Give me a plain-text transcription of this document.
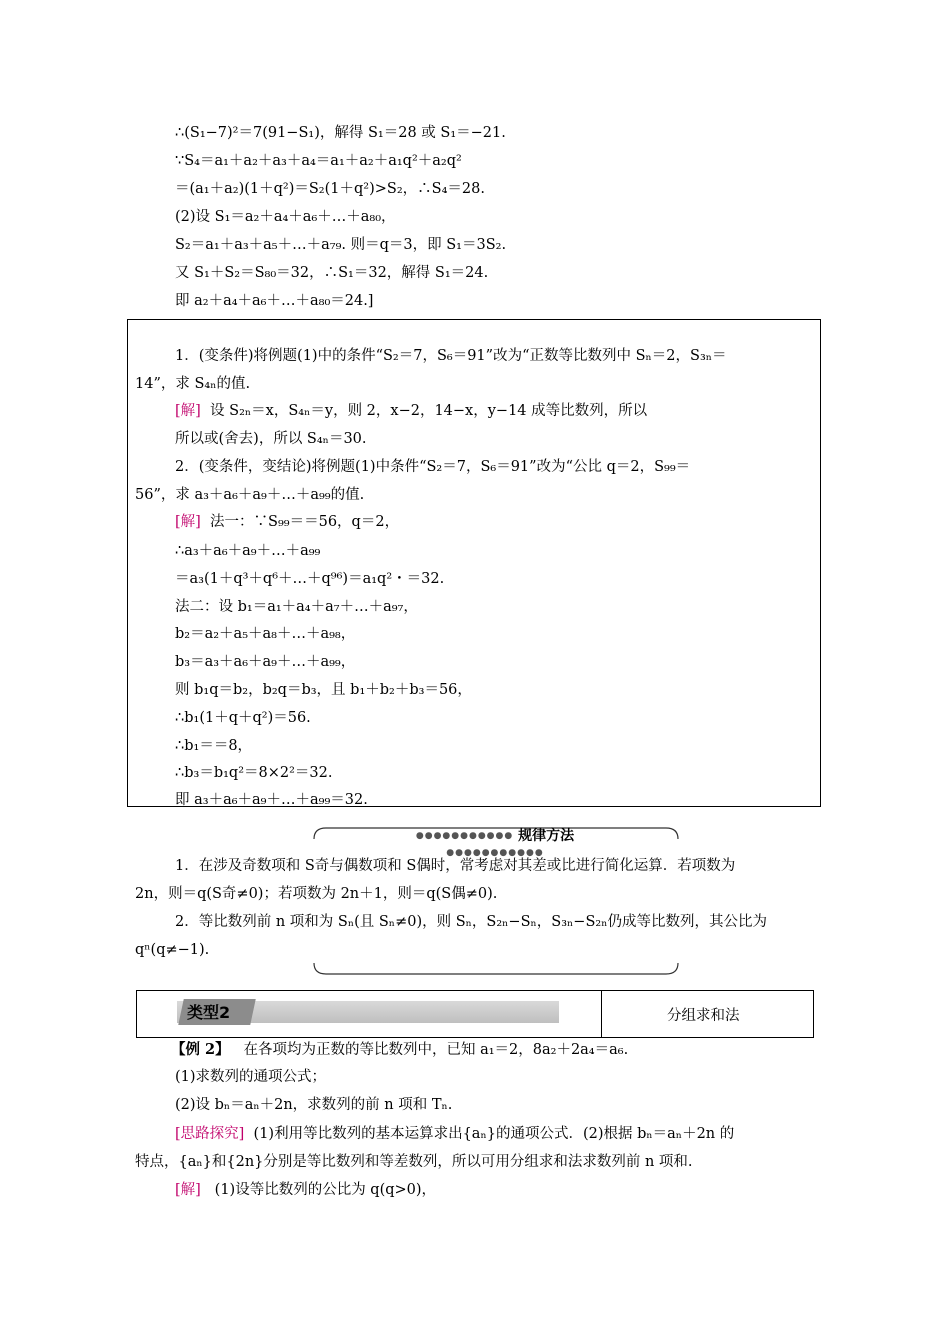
∴(S₁−7)²＝7(91−S₁)，解得 S₁＝28 或 S₁＝−21.
∵S₄＝a₁＋a₂＋a₃＋a₄＝a₁＋a₂＋a₁q²＋a₂q²
＝(a₁＋a₂)(1＋q²)＝S₂(1＋q²)>S₂，∴S₄＝28.
(2)设 S₁＝a₂＋a₄＋a₆＋…＋a₈₀，
S₂＝a₁＋a₃＋a₅＋…＋a₇₉. 则＝q＝3，即 S₁＝3S₂.
又 S₁＋S₂＝S₈₀＝32，∴S₁＝32，解得 S₁＝24.
即 a₂＋a₄＋a₆＋…＋a₈₀＝24.]
1．(变条件)将例题(1)中的条件“S₂＝7，S₆＝91”改为“正数等比数列中 Sₙ＝2，S₃ₙ＝
14”，求 S₄ₙ的值.
[解] 设 S₂ₙ＝x，S₄ₙ＝y，则 2，x−2，14−x，y−14 成等比数列，所以
所以或(舍去)，所以 S₄ₙ＝30.
2．(变条件，变结论)将例题(1)中条件“S₂＝7，S₆＝91”改为“公比 q＝2，S₉₉＝
56”，求 a₃＋a₆＋a₉＋…＋a₉₉的值.
[解] 法一：∵S₉₉＝＝56，q＝2，
∴a₃＋a₆＋a₉＋…＋a₉₉
＝a₃(1＋q³＋q⁶＋…＋q⁹⁶)＝a₁q²・＝32.
法二：设 b₁＝a₁＋a₄＋a₇＋…＋a₉₇，
b₂＝a₂＋a₅＋a₈＋…＋a₉₈，
b₃＝a₃＋a₆＋a₉＋…＋a₉₉，
则 b₁q＝b₂，b₂q＝b₃，且 b₁＋b₂＋b₃＝56，
∴b₁(1＋q＋q²)＝56.
∴b₁＝＝8，
∴b₃＝b₁q²＝8×2²＝32.
即 a₃＋a₆＋a₉＋…＋a₉₉＝32.
●●●●●●●●●●● 规律方法 ●●●●●●●●●●●
1．在涉及奇数项和 S奇与偶数项和 S偶时，常考虑对其差或比进行简化运算．若项数为
2n，则＝q(S奇≠0)；若项数为 2n＋1，则＝q(S偶≠0).
2．等比数列前 n 项和为 Sₙ(且 Sₙ≠0)，则 Sₙ，S₂ₙ−Sₙ，S₃ₙ−S₂ₙ仍成等比数列，其公比为
qⁿ(q≠−1).
类型2	分组求和法
【例 2】 在各项均为正数的等比数列中，已知 a₁＝2，8a₂＋2a₄＝a₆.
(1)求数列的通项公式；
(2)设 bₙ＝aₙ＋2n，求数列的前 n 项和 Tₙ.
[思路探究] (1)利用等比数列的基本运算求出{aₙ}的通项公式．(2)根据 bₙ＝aₙ＋2n 的
特点，{aₙ}和{2n}分别是等比数列和等差数列，所以可用分组求和法求数列前 n 项和.
[解] (1)设等比数列的公比为 q(q>0)，
